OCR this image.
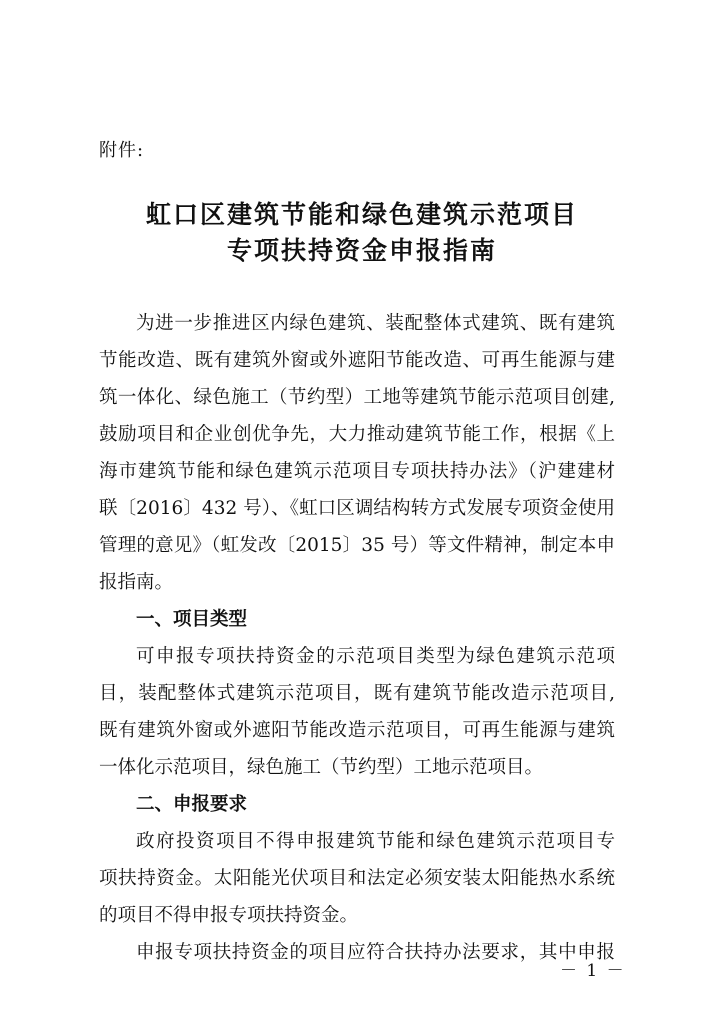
附件:
虹口区建筑节能和绿色建筑示范项目
专项扶持资金申报指南
为进一步推进区内绿色建筑、装配整体式建筑、既有建筑
节能改造、既有建筑外窗或外遮阳节能改造、可再生能源与建
筑一体化、绿色施工（节约型）工地等建筑节能示范项目创建,
鼓励项目和企业创优争先，大力推动建筑节能工作，根据《上
海市建筑节能和绿色建筑示范项目专项扶持办法》（沪建建材
联〔2016〕432 号）、《虹口区调结构转方式发展专项资金使用
管理的意见》（虹发改〔2015〕35 号）等文件精神，制定本申
报指南。
一、项目类型
可申报专项扶持资金的示范项目类型为绿色建筑示范项
目，装配整体式建筑示范项目，既有建筑节能改造示范项目,
既有建筑外窗或外遮阳节能改造示范项目，可再生能源与建筑
一体化示范项目，绿色施工（节约型）工地示范项目。
二、申报要求
政府投资项目不得申报建筑节能和绿色建筑示范项目专
项扶持资金。太阳能光伏项目和法定必须安装太阳能热水系统
的项目不得申报专项扶持资金。
申报专项扶持资金的项目应符合扶持办法要求，其中申报
－ 1 －
